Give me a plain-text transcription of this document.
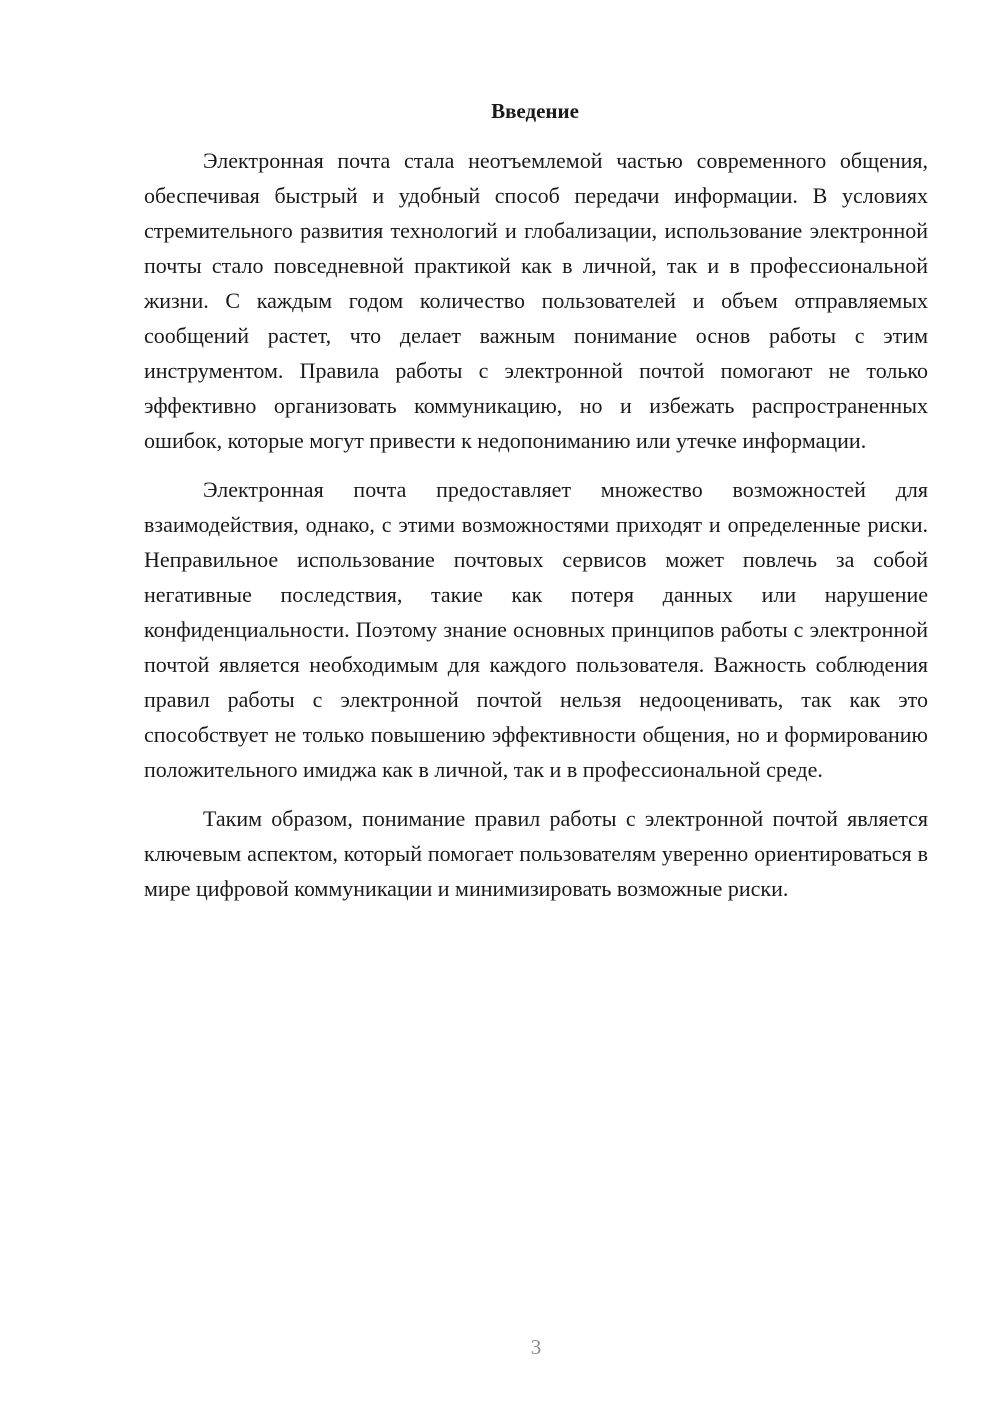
Введение

Электронная почта стала неотъемлемой частью современного общения, обеспечивая быстрый и удобный способ передачи информации. В условиях стремительного развития технологий и глобализации, использование электронной почты стало повседневной практикой как в личной, так и в профессиональной жизни. С каждым годом количество пользователей и объем отправляемых сообщений растет, что делает важным понимание основ работы с этим инструментом. Правила работы с электронной почтой помогают не только эффективно организовать коммуникацию, но и избежать распространенных ошибок, которые могут привести к недопониманию или утечке информации.

Электронная почта предоставляет множество возможностей для взаимодействия, однако, с этими возможностями приходят и определенные риски. Неправильное использование почтовых сервисов может повлечь за собой негативные последствия, такие как потеря данных или нарушение конфиденциальности. Поэтому знание основных принципов работы с электронной почтой является необходимым для каждого пользователя. Важность соблюдения правил работы с электронной почтой нельзя недооценивать, так как это способствует не только повышению эффективности общения, но и формированию положительного имиджа как в личной, так и в профессиональной среде.

Таким образом, понимание правил работы с электронной почтой является ключевым аспектом, который помогает пользователям уверенно ориентироваться в мире цифровой коммуникации и минимизировать возможные риски.

3
